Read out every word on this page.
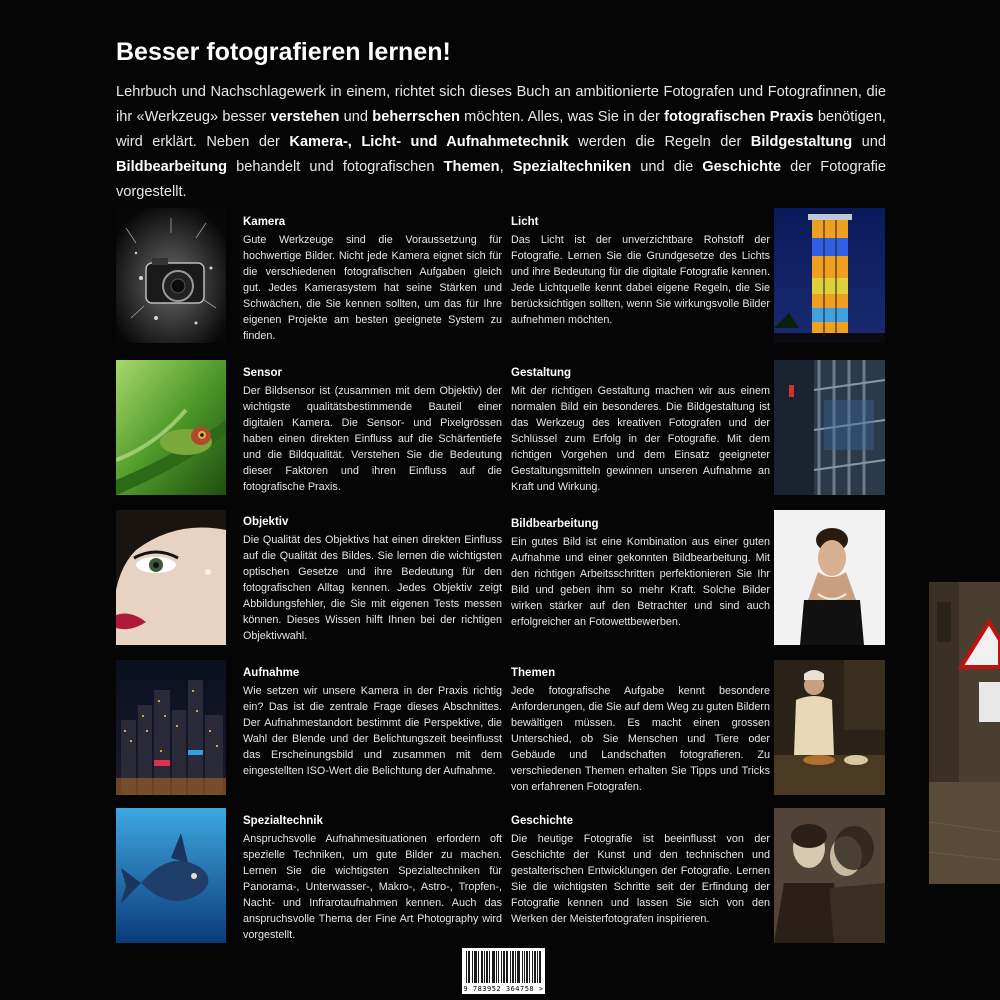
Besser fotografieren lernen!
Lehrbuch und Nachschlagewerk in einem, richtet sich dieses Buch an ambitionierte Fotografen und Fotografinnen, die ihr «Werkzeug» besser verstehen und beherrschen möchten. Alles, was Sie in der fotografischen Praxis benötigen, wird erklärt. Neben der Kamera-, Licht- und Aufnahmetechnik werden die Regeln der Bildgestaltung und Bildbearbeitung behandelt und fotografischen Themen, Spezialtechniken und die Geschichte der Fotografie vorgestellt.
Kamera

Gute Werkzeuge sind die Voraussetzung für hochwertige Bilder. Nicht jede Kamera eignet sich für die verschiedenen fotografischen Aufgaben gleich gut. Jedes Kamerasystem hat seine Stärken und Schwächen, die Sie kennen sollten, um das für Ihre eigenen Projekte am besten geeignete System zu finden.

Sensor

Der Bildsensor ist (zusammen mit dem Objektiv) der wichtigste qualitätsbestimmende Bauteil einer digitalen Kamera. Die Sensor- und Pixelgrössen haben einen direkten Einfluss auf die Schärfentiefe und die Bildqualität. Verstehen Sie die Bedeutung dieser Faktoren und ihren Einfluss auf die fotografische Praxis.

Objektiv

Die Qualität des Objektivs hat einen direkten Einfluss auf die Qualität des Bildes. Sie lernen die wichtigsten optischen Gesetze und ihre Bedeutung für den fotografischen Alltag kennen. Jedes Objektiv zeigt Abbildungsfehler, die Sie mit eigenen Tests messen können. Dieses Wissen hilft Ihnen bei der richtigen Objektivwahl.

Aufnahme

Wie setzen wir unsere Kamera in der Praxis richtig ein? Das ist die zentrale Frage dieses Abschnittes. Der Aufnahmestandort bestimmt die Perspektive, die Wahl der Blende und der Belichtungszeit beeinflusst das Erscheinungsbild und zusammen mit dem eingestellten ISO-Wert die Belichtung der Aufnahme.

Spezialtechnik

Anspruchsvolle Aufnahmesituationen erfordern oft spezielle Techniken, um gute Bilder zu machen. Lernen Sie die wichtigsten Spezialtechniken für Panorama-, Unterwasser-, Makro-, Astro-, Tropfen-, Nacht- und Infrarotaufnahmen kennen. Auch das anspruchsvolle Thema der Fine Art Photography wird vorgestellt.

Licht

Das Licht ist der unverzichtbare Rohstoff der Fotografie. Lernen Sie die Grundgesetze des Lichts und ihre Bedeutung für die digitale Fotografie kennen. Jede Lichtquelle kennt dabei eigene Regeln, die Sie berücksichtigen sollten, wenn Sie wirkungsvolle Bilder aufnehmen möchten.

Gestaltung

Mit der richtigen Gestaltung machen wir aus einem normalen Bild ein besonderes. Die Bildgestaltung ist das Werkzeug des kreativen Fotografen und der Schlüssel zum Erfolg in der Fotografie. Mit dem richtigen Vorgehen und dem Einsatz geeigneter Gestaltungsmitteln gewinnen unseren Aufnahme an Kraft und Wirkung.

Bildbearbeitung

Ein gutes Bild ist eine Kombination aus einer guten Aufnahme und einer gekonnten Bildbearbeitung. Mit den richtigen Arbeitsschritten perfektionieren Sie Ihr Bild und geben ihm so mehr Kraft. Solche Bilder wirken stärker auf den Betrachter und sind auch erfolgreicher an Fotowettbewerben.

Themen

Jede fotografische Aufgabe kennt besondere Anforderungen, die Sie auf dem Weg zu guten Bildern bewältigen müssen. Es macht einen grossen Unterschied, ob Sie Menschen und Tiere oder Gebäude und Landschaften fotografieren. Zu verschiedenen Themen erhalten Sie Tipps und Tricks von erfahrenen Fotografen.

Geschichte

Die heutige Fotografie ist beeinflusst von der Geschichte der Kunst und den technischen und gestalterischen Entwicklungen der Fotografie. Lernen Sie die wichtigsten Schritte seit der Erfindung der Fotografie kennen und lassen Sie sich von den Werken der Meisterfotografen inspirieren.

9 783952 364758 >
